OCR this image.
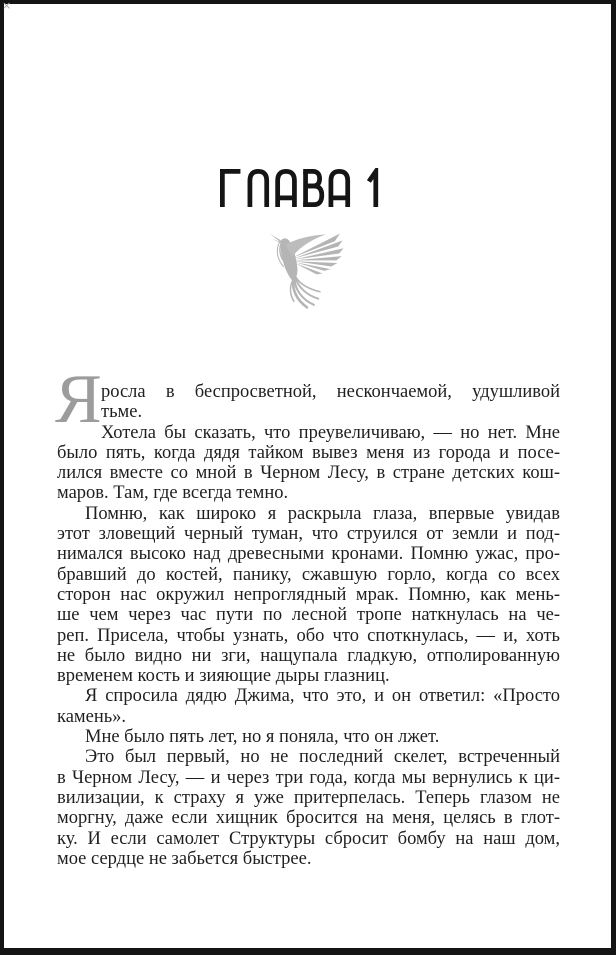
×
Я росла в беспросветной, нескончаемой, удушливой
тьме.
Хотела бы сказать, что преувеличиваю, — но нет. Мне
было пять, когда дядя тайком вывез меня из города и посе-
лился вместе со мной в Черном Лесу, в стране детских кош-
маров. Там, где всегда темно.
Помню, как широко я раскрыла глаза, впервые увидав
этот зловещий черный туман, что струился от земли и под-
нимался высоко над древесными кронами. Помню ужас, про-
бравший до костей, панику, сжавшую горло, когда со всех
сторон нас окружил непроглядный мрак. Помню, как мень-
ше чем через час пути по лесной тропе наткнулась на че-
реп. Присела, чтобы узнать, обо что споткнулась, — и, хоть
не было видно ни зги, нащупала гладкую, отполированную
временем кость и зияющие дыры глазниц.
Я спросила дядю Джима, что это, и он ответил: «Просто
камень».
Мне было пять лет, но я поняла, что он лжет.
Это был первый, но не последний скелет, встреченный
в Черном Лесу, — и через три года, когда мы вернулись к ци-
вилизации, к страху я уже притерпелась. Теперь глазом не
моргну, даже если хищник бросится на меня, целясь в глот-
ку. И если самолет Структуры сбросит бомбу на наш дом,
мое сердце не забьется быстрее.
